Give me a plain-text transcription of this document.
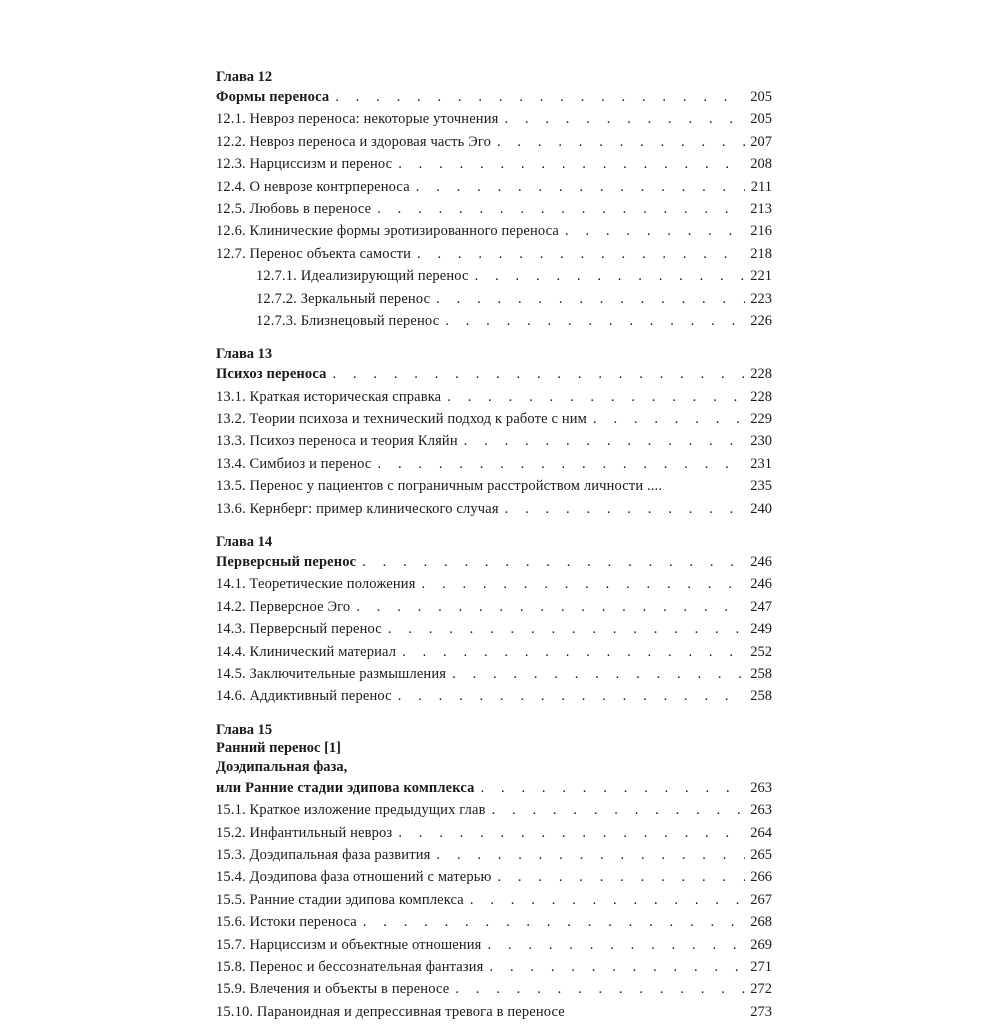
Глава 12
Формы переноса . . .	205
12.1. Невроз переноса: некоторые уточнения . . .	205
12.2. Невроз переноса и здоровая часть Эго . . .	207
12.3. Нарциссизм и перенос . . .	208
12.4. О неврозе контрпереноса . . .	211
12.5. Любовь в переносе . . .	213
12.6. Клинические формы эротизированного переноса . . .	216
12.7. Перенос объекта самости . . .	218
12.7.1. Идеализирующий перенос . . .	221
12.7.2. Зеркальный перенос . . .	223
12.7.3. Близнецовый перенос . . .	226
Глава 13
Психоз переноса . . .	228
13.1. Краткая историческая справка . . .	228
13.2. Теории психоза и технический подход к работе с ним . . .	229
13.3. Психоз переноса и теория Кляйн . . .	230
13.4. Симбиоз и перенос . . .	231
13.5. Перенос у пациентов с пограничным расстройством личности ....	235
13.6. Кернберг: пример клинического случая . . .	240
Глава 14
Перверсный перенос . . .	246
14.1. Теоретические положения . . .	246
14.2. Перверсное Эго . . .	247
14.3. Перверсный перенос . . .	249
14.4. Клинический материал . . .	252
14.5. Заключительные размышления . . .	258
14.6. Аддиктивный перенос . . .	258
Глава 15
Ранний перенос [1]
Доэдипальная фаза,
или Ранние стадии эдипова комплекса . . .	263
15.1. Краткое изложение предыдущих глав . . .	263
15.2. Инфантильный невроз . . .	264
15.3. Доэдипальная фаза развития . . .	265
15.4. Доэдипова фаза отношений с матерью . . .	266
15.5. Ранние стадии эдипова комплекса . . .	267
15.6. Истоки переноса . . .	268
15.7. Нарциссизм и объектные отношения . . .	269
15.8. Перенос и бессознательная фантазия . . .	271
15.9. Влечения и объекты в переносе . . .	272
15.10. Параноидная и депрессивная тревога в переносе	273
